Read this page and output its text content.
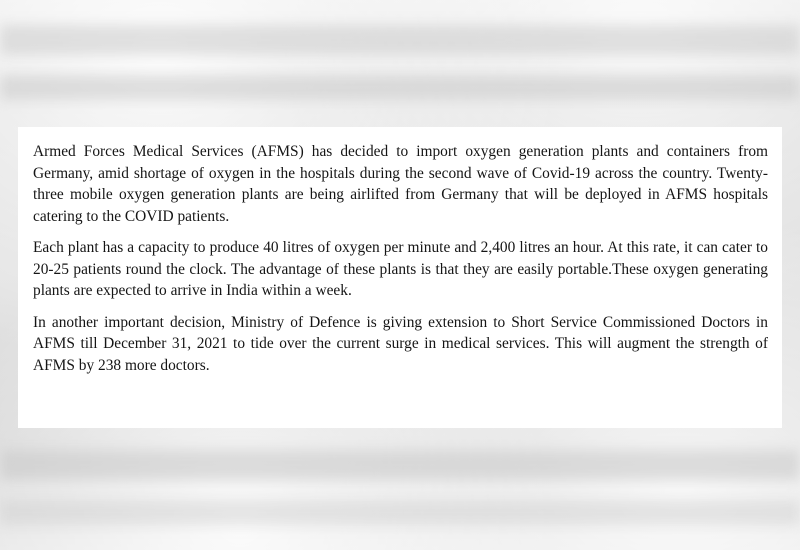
Armed Forces Medical Services (AFMS) has decided to import oxygen generation plants and containers from Germany, amid shortage of oxygen in the hospitals during the second wave of Covid-19 across the country. Twenty-three mobile oxygen generation plants are being airlifted from Germany that will be deployed in AFMS hospitals catering to the COVID patients.

Each plant has a capacity to produce 40 litres of oxygen per minute and 2,400 litres an hour. At this rate, it can cater to 20-25 patients round the clock. The advantage of these plants is that they are easily portable.These oxygen generating plants are expected to arrive in India within a week.

In another important decision, Ministry of Defence is giving extension to Short Service Commissioned Doctors in AFMS till December 31, 2021 to tide over the current surge in medical services. This will augment the strength of AFMS by 238 more doctors.
